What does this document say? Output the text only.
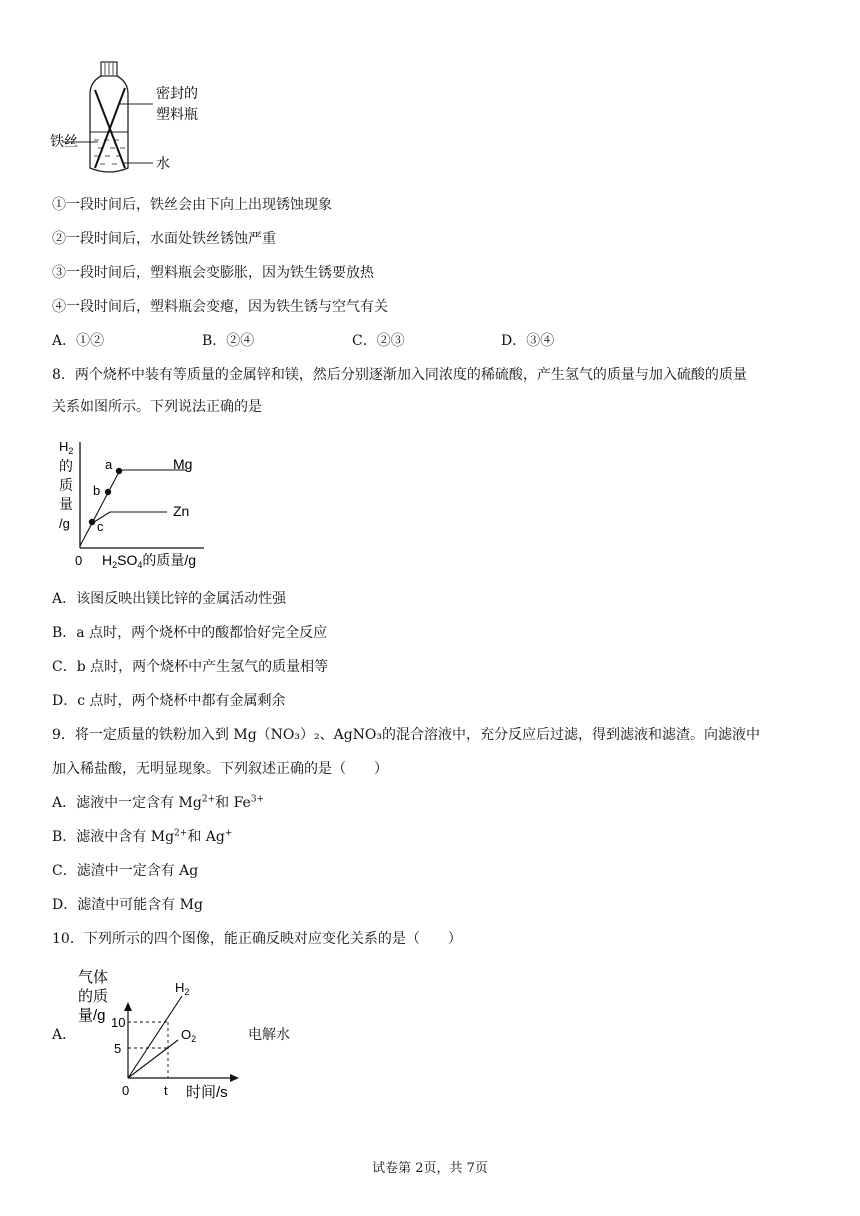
密封的
塑料瓶
铁丝
水
①一段时间后，铁丝会由下向上出现锈蚀现象
②一段时间后，水面处铁丝锈蚀严重
③一段时间后，塑料瓶会变膨胀，因为铁生锈要放热
④一段时间后，塑料瓶会变瘪，因为铁生锈与空气有关
A．①②	B．②④	C．②③	D．③④
8．两个烧杯中装有等质量的金属锌和镁，然后分别逐渐加入同浓度的稀硫酸，产生氢气的质量与加入硫酸的质量
关系如图所示。下列说法正确的是
$H_2$
的
质
量
/g
a
b
c
Mg
Zn
0 $H_2SO_4$的质量/g
A．该图反映出镁比锌的金属活动性强
B．a 点时，两个烧杯中的酸都恰好完全反应
C．b 点时，两个烧杯中产生氢气的质量相等
D．c 点时，两个烧杯中都有金属剩余
9．将一定质量的铁粉加入到 Mg（NO₃）₂、AgNO₃的混合溶液中，充分反应后过滤，得到滤液和滤渣。向滤液中
加入稀盐酸，无明显现象。下列叙述正确的是（　　）
A．滤液中一定含有 $Mg^{2+}$和 $Fe^{3+}$
B．滤液中含有 $Mg^{2+}$和 Ag+
C．滤渣中一定含有 Ag
D．滤渣中可能含有 Mg
10．下列所示的四个图像，能正确反映对应变化关系的是（　　）
A．
气体
的质
量/g 10
5
0	t 时间/s
$H_2$
$O_2$	电解水
试卷第 2页，共 7页
